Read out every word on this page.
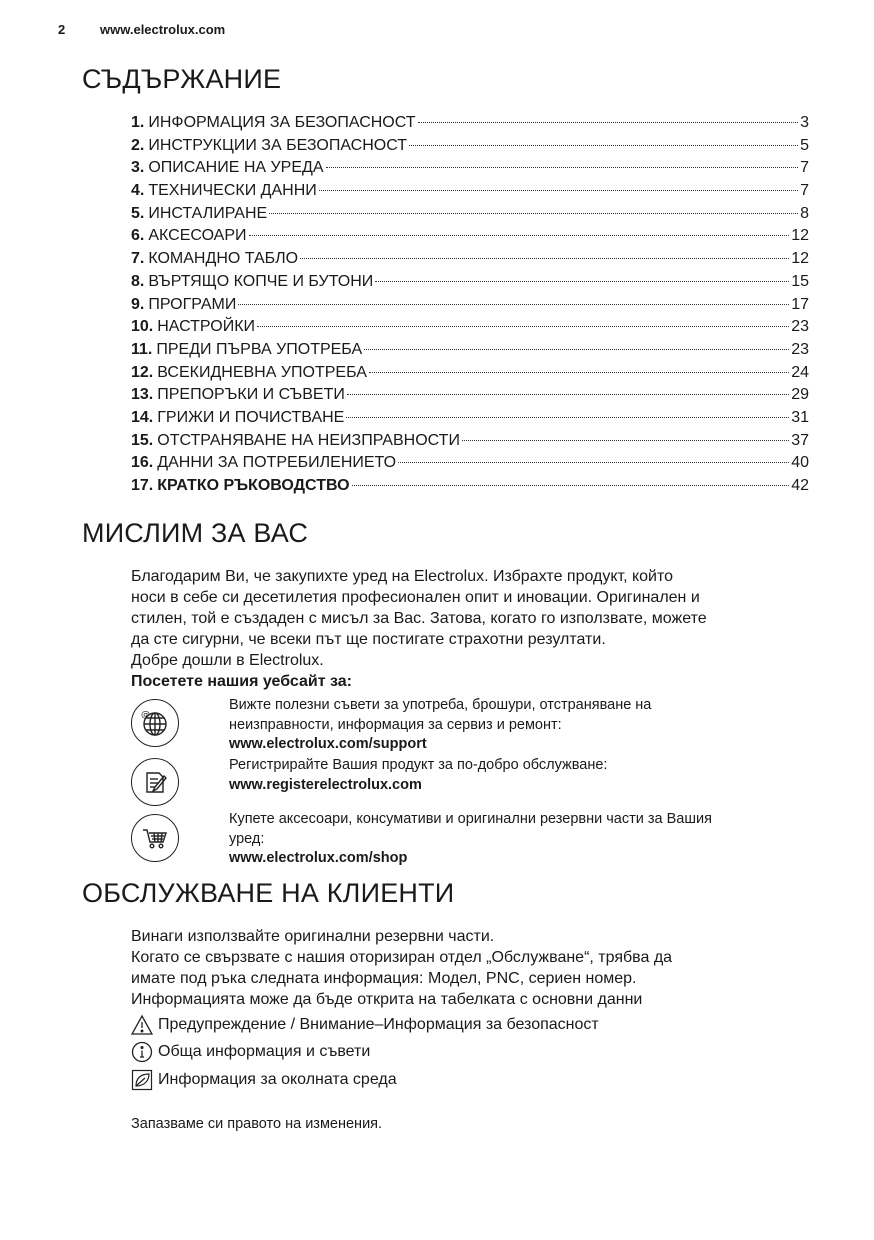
2	www.electrolux.com
СЪДЪРЖАНИЕ
1. ИНФОРМАЦИЯ ЗА БЕЗОПАСНОСТ	3
2. ИНСТРУКЦИИ ЗА БЕЗОПАСНОСТ	5
3. ОПИСАНИЕ НА УРЕДА	7
4. ТЕХНИЧЕСКИ ДАННИ	7
5. ИНСТАЛИРАНЕ	8
6. АКСЕСОАРИ	12
7. КОМАНДНО ТАБЛО	12
8. ВЪРТЯЩО КОПЧЕ И БУТОНИ	15
9. ПРОГРАМИ	17
10. НАСТРОЙКИ	23
11. ПРЕДИ ПЪРВА УПОТРЕБА	23
12. ВСЕКИДНЕВНА УПОТРЕБА	24
13. ПРЕПОРЪКИ И СЪВЕТИ	29
14. ГРИЖИ И ПОЧИСТВАНЕ	31
15. ОТСТРАНЯВАНЕ НА НЕИЗПРАВНОСТИ	37
16. ДАННИ ЗА ПОТРЕБИЛЕНИЕТО	40
17. КРАТКО РЪКОВОДСТВО	42
МИСЛИМ ЗА ВАС

Благодарим Ви, че закупихте уред на Electrolux. Избрахте продукт, който

носи в себе си десетилетия професионален опит и иновации. Оригинален и

стилен, той е създаден с мисъл за Вас. Затова, когато го използвате, можете

да сте сигурни, че всеки път ще постигате страхотни резултати.

Добре дошли в Electrolux.

Посетете нашия уебсайт за:

@

Вижте полезни съвети за употреба, брошури, отстраняване на

неизправности, информация за сервиз и ремонт:

www.electrolux.com/support

Регистрирайте Вашия продукт за по-добро обслужване:

www.registerelectrolux.com

Купете аксесоари, консумативи и оригинални резервни части за Вашия

уред:

www.electrolux.com/shop

ОБСЛУЖВАНЕ НА КЛИЕНТИ

Винаги използвайте оригинални резервни части.

Когато се свързвате с нашия оторизиран отдел „Обслужване“, трябва да

имате под ръка следната информация: Модел, PNC, сериен номер.

Информацията може да бъде открита на табелката с основни данни

Предупреждение / Внимание–Информация за безопасност
Обща информация и съвети
Информация за околната среда
Запазваме си правото на изменения.
